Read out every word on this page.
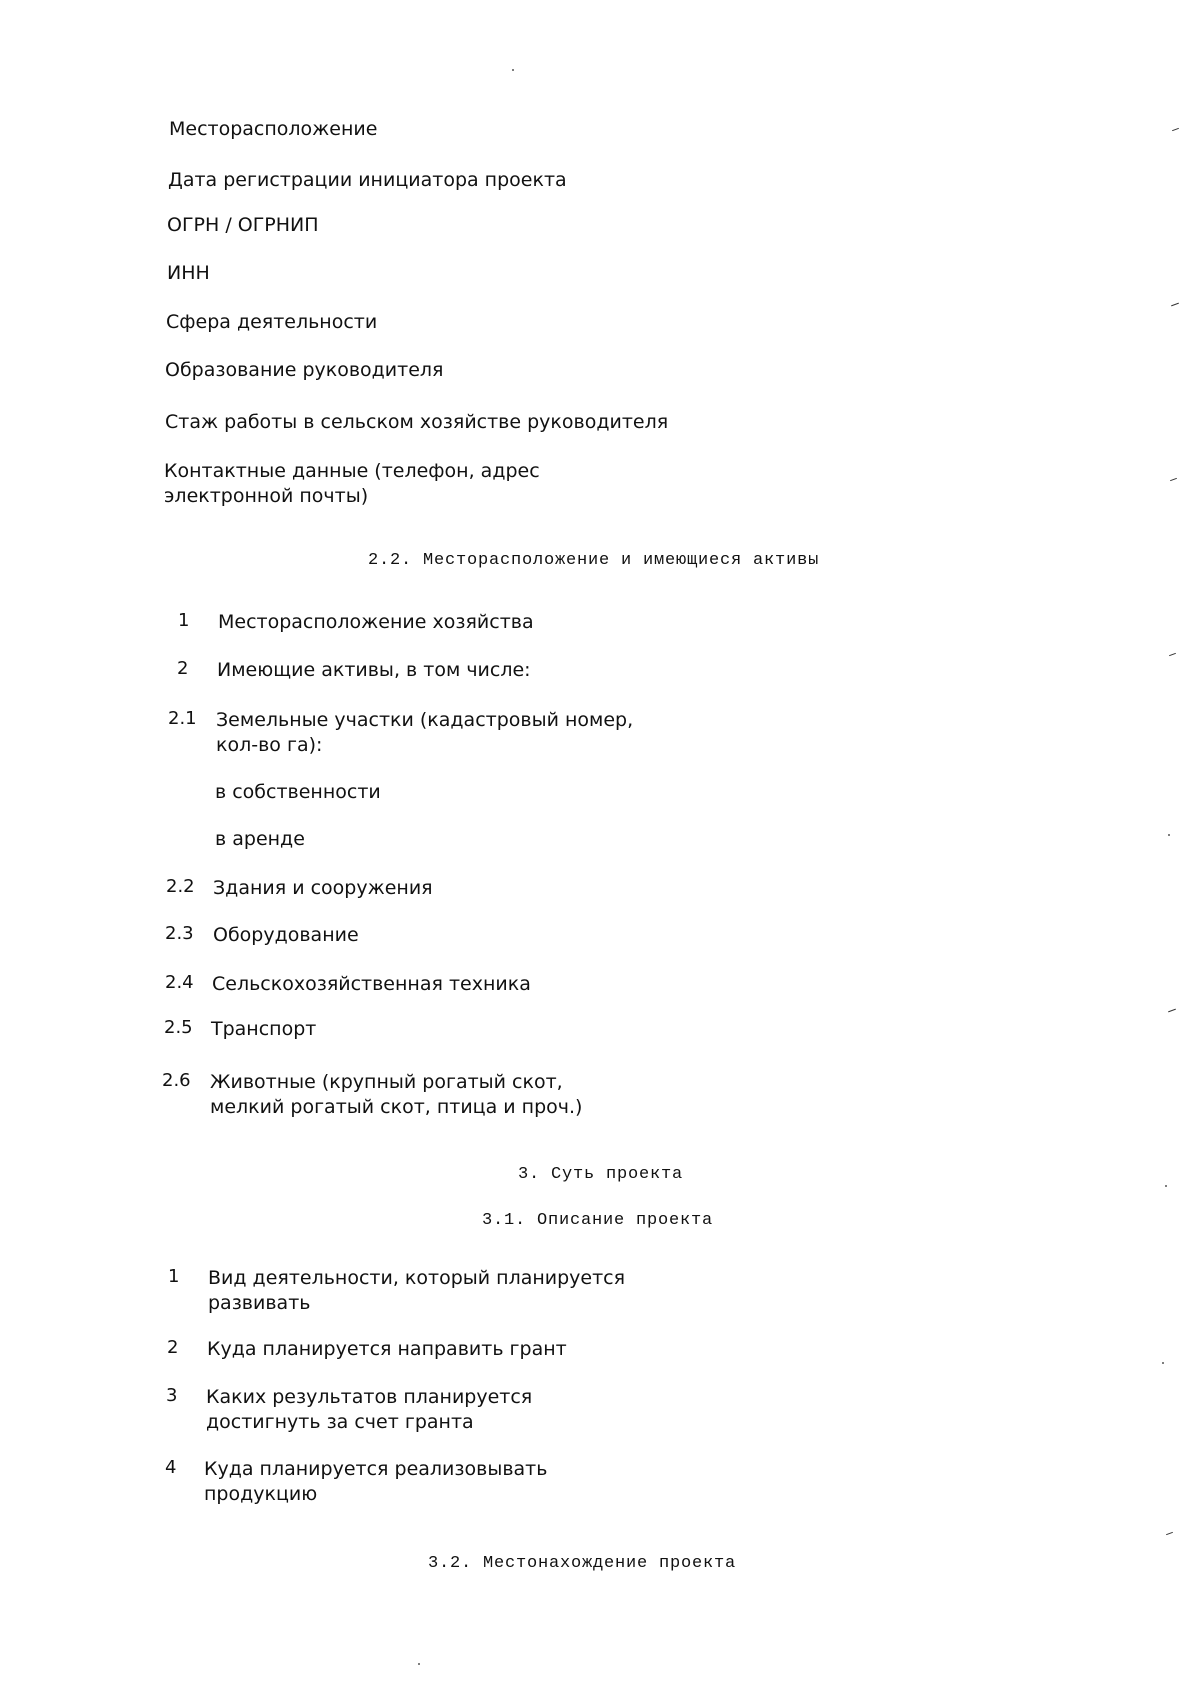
Месторасположение
Дата регистрации инициатора проекта
ОГРН / ОГРНИП
ИНН
Сфера деятельности
Образование руководителя
Стаж работы в сельском хозяйстве руководителя
Контактные данные (телефон, адрес электронной почты)
2.2. Месторасположение и имеющиеся активы
1 Месторасположение хозяйства
2 Имеющие активы, в том числе:
2.1 Земельные участки (кадастровый номер, кол-во га):
в собственности
в аренде
2.2 Здания и сооружения
2.3 Оборудование
2.4 Сельскохозяйственная техника
2.5 Транспорт
2.6 Животные (крупный рогатый скот, мелкий рогатый скот, птица и проч.)
3. Суть проекта
3.1. Описание проекта
1 Вид деятельности, который планируется развивать
2 Куда планируется направить грант
3 Каких результатов планируется достигнуть за счет гранта
4 Куда планируется реализовывать продукцию
3.2. Местонахождение проекта
